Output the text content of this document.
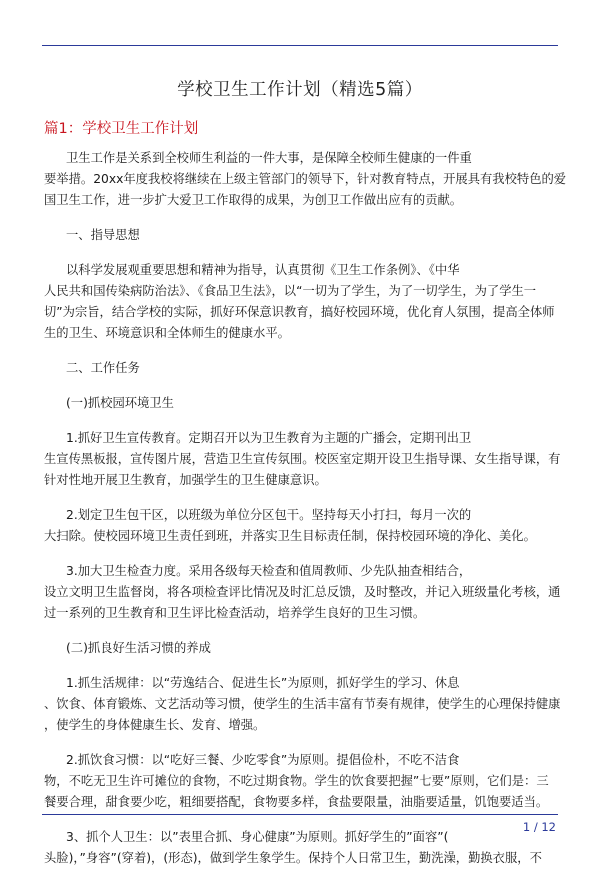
学校卫生工作计划（精选5篇）
篇1：学校卫生工作计划

卫生工作是关系到全校师生利益的一件大事，是保障全校师生健康的一件重
要举措。20xx年度我校将继续在上级主管部门的领导下，针对教育特点，开展具有我校特色的爱
国卫生工作，进一步扩大爱卫工作取得的成果，为创卫工作做出应有的贡献。

一、指导思想

以科学发展观重要思想和精神为指导，认真贯彻《卫生工作条例》、《中华
人民共和国传染病防治法》、《食品卫生法》，以“一切为了学生，为了一切学生，为了学生一
切”为宗旨，结合学校的实际，抓好环保意识教育，搞好校园环境，优化育人氛围，提高全体师
生的卫生、环境意识和全体师生的健康水平。

二、工作任务

(一)抓校园环境卫生

1.抓好卫生宣传教育。定期召开以为卫生教育为主题的广播会，定期刊出卫
生宣传黑板报，宣传图片展，营造卫生宣传氛围。校医室定期开设卫生指导课、女生指导课，有
针对性地开展卫生教育，加强学生的卫生健康意识。

2.划定卫生包干区，以班级为单位分区包干。坚持每天小打扫，每月一次的
大扫除。使校园环境卫生责任到班，并落实卫生目标责任制，保持校园环境的净化、美化。

3.加大卫生检查力度。采用各级每天检查和值周教师、少先队抽查相结合，
设立文明卫生监督岗，将各项检查评比情况及时汇总反馈，及时整改，并记入班级量化考核，通
过一系列的卫生教育和卫生评比检查活动，培养学生良好的卫生习惯。

(二)抓良好生活习惯的养成

1.抓生活规律：以“劳逸结合、促进生长”为原则，抓好学生的学习、休息
、饮食、体育锻炼、文艺活动等习惯，使学生的生活丰富有节奏有规律，使学生的心理保持健康
，使学生的身体健康生长、发育、增强。

2.抓饮食习惯：以“吃好三餐、少吃零食”为原则。提倡俭朴，不吃不洁食
物，不吃无卫生许可摊位的食物，不吃过期食物。学生的饮食要把握”七要”原则，它们是：三
餐要合理，甜食要少吃，粗细要搭配，食物要多样，食盐要限量，油脂要适量，饥饱要适当。

3、抓个人卫生：以”表里合抓、身心健康”为原则。抓好学生的”面容”(
头脸)，”身容”(穿着)，(形态)，做到学生象学生。保持个人日常卫生，勤洗澡，勤换衣服，不

1 / 12
